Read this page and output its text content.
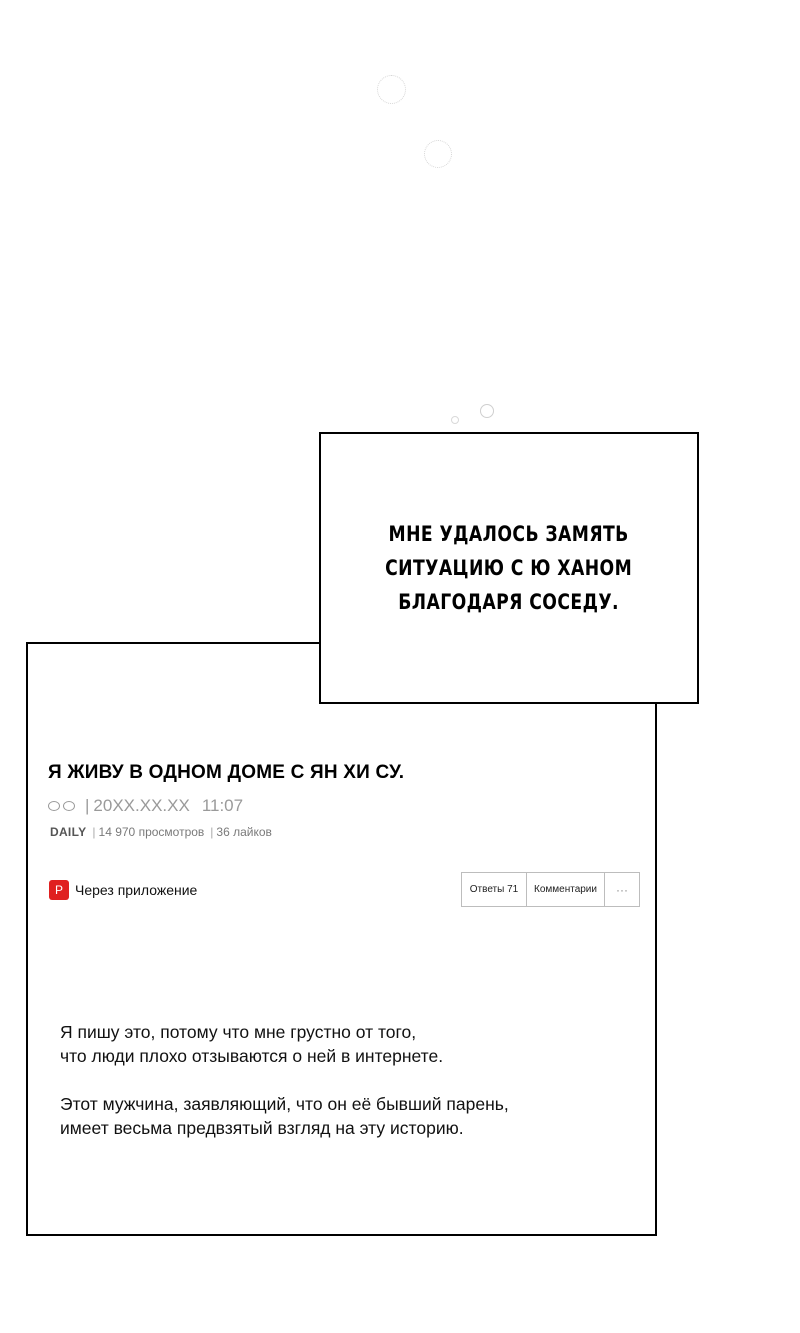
МНЕ УДАЛОСЬ ЗАМЯТЬ
СИТУАЦИЮ С Ю ХАНОМ
БЛАГОДАРЯ СОСЕДУ.
Я ЖИВУ В ОДНОМ ДОМЕ С ЯН ХИ СУ.
| 20XX.XX.XX 11:07
DAILY | 14 970 просмотров | 36 лайков
P Через приложение	Ответы 71	Комментарии	···

Я пишу это, потому что мне грустно от того,
что люди плохо отзываются о ней в интернете.

Этот мужчина, заявляющий, что он её бывший парень,
имеет весьма предвзятый взгляд на эту историю.
